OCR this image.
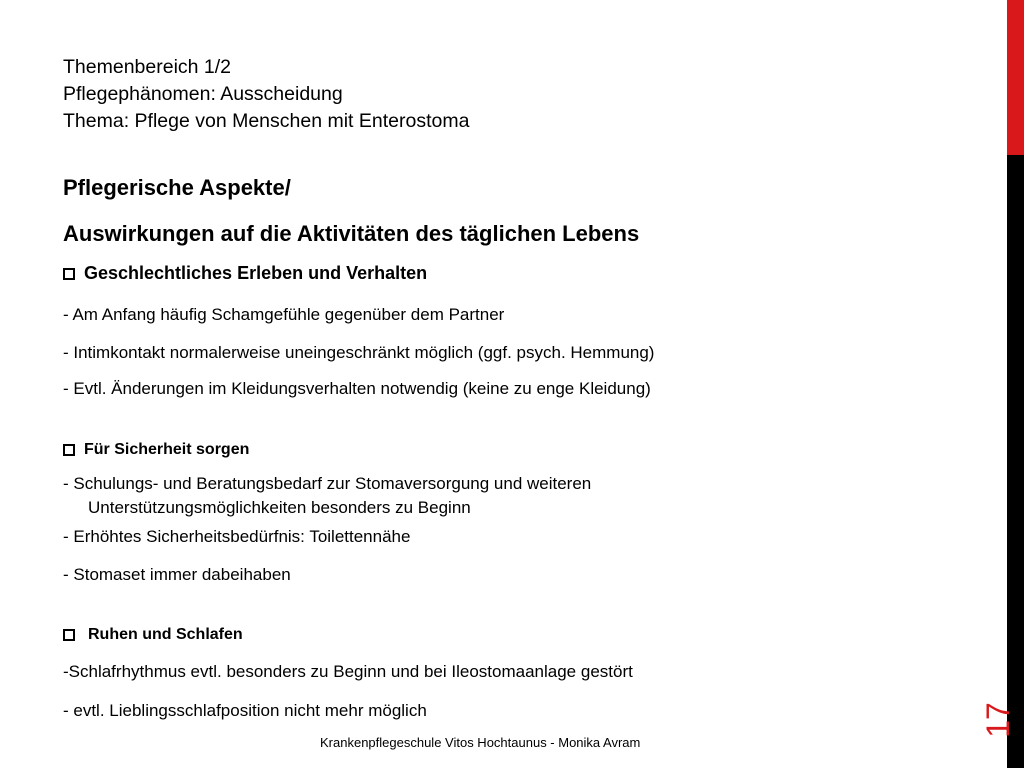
Themenbereich 1/2
Pflegephänomen: Ausscheidung
Thema: Pflege von Menschen mit Enterostoma
Pflegerische Aspekte/
Auswirkungen auf die Aktivitäten des täglichen Lebens
Geschlechtliches Erleben und Verhalten
- Am Anfang häufig Schamgefühle gegenüber dem Partner
- Intimkontakt normalerweise uneingeschränkt möglich (ggf. psych. Hemmung)
- Evtl. Änderungen im Kleidungsverhalten notwendig (keine zu enge Kleidung)
Für Sicherheit sorgen
- Schulungs- und Beratungsbedarf zur Stomaversorgung und weiteren
Unterstützungsmöglichkeiten besonders zu Beginn
- Erhöhtes Sicherheitsbedürfnis: Toilettennähe
- Stomaset immer dabeihaben
Ruhen und Schlafen
-Schlafrhythmus evtl. besonders zu Beginn und bei Ileostomaanlage gestört
- evtl. Lieblingsschlafposition nicht mehr möglich	17
Krankenpflegeschule Vitos Hochtaunus - Monika Avram
